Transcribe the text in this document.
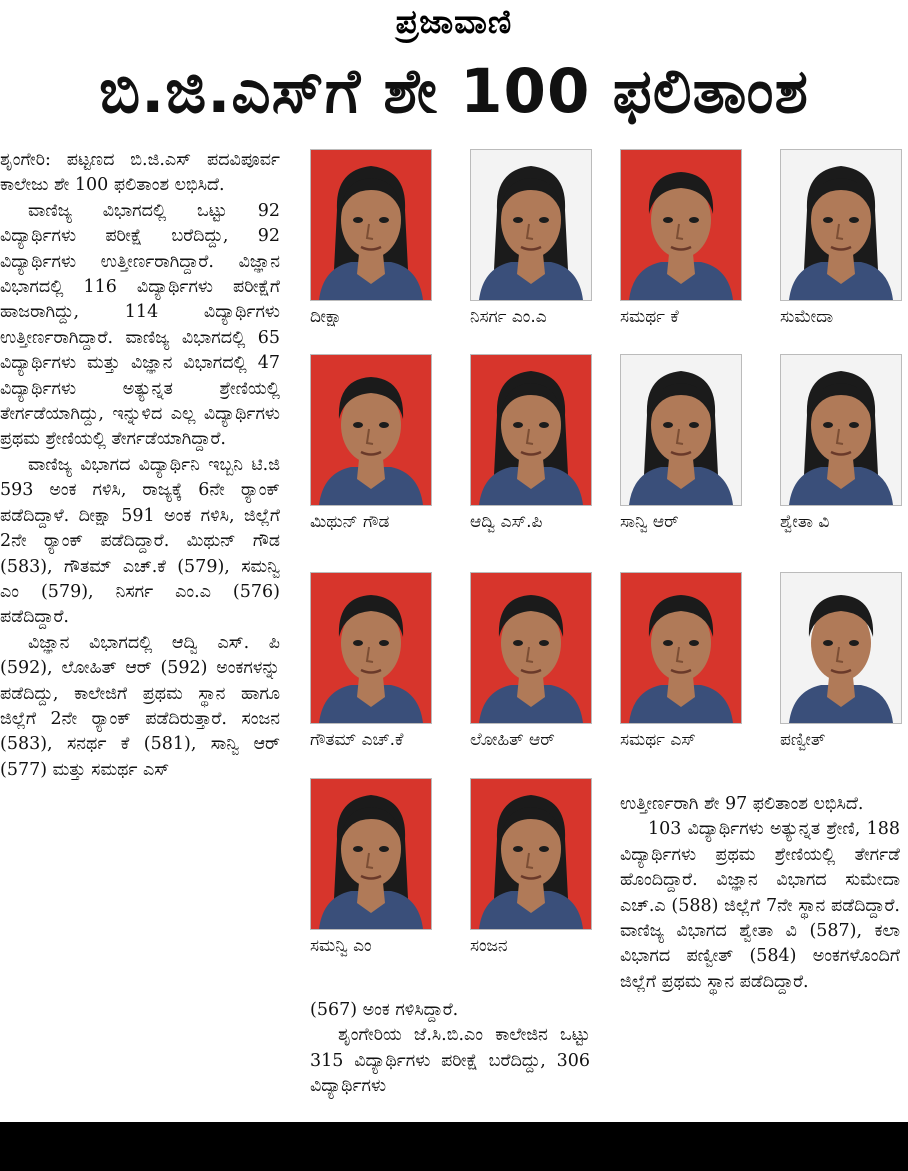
ಪ್ರಜಾವಾಣಿ
ಬಿ.ಜಿ.ಎಸ್‌ಗೆ ಶೇ 100 ಫಲಿತಾಂಶ

ಶೃಂಗೇರಿ: ಪಟ್ಟಣದ ಬಿ.ಜಿ.ಎಸ್ ಪದವಿಪೂರ್ವ ಕಾಲೇಜು ಶೇ 100 ಫಲಿತಾಂಶ ಲಭಿಸಿದೆ.

ವಾಣಿಜ್ಯ ವಿಭಾಗದಲ್ಲಿ ಒಟ್ಟು 92 ವಿದ್ಯಾರ್ಥಿಗಳು ಪರೀಕ್ಷೆ ಬರೆದಿದ್ದು, 92 ವಿದ್ಯಾರ್ಥಿಗಳು ಉತ್ತೀರ್ಣರಾಗಿದ್ದಾರೆ. ವಿಜ್ಞಾನ ವಿಭಾಗದಲ್ಲಿ 116 ವಿದ್ಯಾರ್ಥಿಗಳು ಪರೀಕ್ಷೆಗೆ ಹಾಜರಾಗಿದ್ದು, 114 ವಿದ್ಯಾರ್ಥಿಗಳು ಉತ್ತೀರ್ಣರಾಗಿದ್ದಾರೆ. ವಾಣಿಜ್ಯ ವಿಭಾಗದಲ್ಲಿ 65 ವಿದ್ಯಾರ್ಥಿಗಳು ಮತ್ತು ವಿಜ್ಞಾನ ವಿಭಾಗದಲ್ಲಿ 47 ವಿದ್ಯಾರ್ಥಿಗಳು ಅತ್ಯುನ್ನತ ಶ್ರೇಣಿಯಲ್ಲಿ ತೇರ್ಗಡೆಯಾಗಿದ್ದು, ಇನ್ನುಳಿದ ಎಲ್ಲ ವಿದ್ಯಾರ್ಥಿಗಳು ಪ್ರಥಮ ಶ್ರೇಣಿಯಲ್ಲಿ ತೇರ್ಗಡೆಯಾಗಿದ್ದಾರೆ.

ವಾಣಿಜ್ಯ ವಿಭಾಗದ ವಿದ್ಯಾರ್ಥಿನಿ ಇಬ್ಬನಿ ಟಿ.ಜಿ 593 ಅಂಕ ಗಳಿಸಿ, ರಾಜ್ಯಕ್ಕೆ 6ನೇ ರ್‍ಯಾಂಕ್ ಪಡೆದಿದ್ದಾಳೆ. ದೀಕ್ಷಾ 591 ಅಂಕ ಗಳಿಸಿ, ಜಿಲ್ಲೆಗೆ 2ನೇ ರ್‍ಯಾಂಕ್ ಪಡೆದಿದ್ದಾರೆ. ಮಿಥುನ್ ಗೌಡ (583), ಗೌತಮ್ ಎಚ್.ಕೆ (579), ಸಮನ್ವಿ ಎಂ (579), ನಿಸರ್ಗ ಎಂ.ಎ (576) ಪಡೆದಿದ್ದಾರೆ.

ವಿಜ್ಞಾನ ವಿಭಾಗದಲ್ಲಿ ಆದ್ವಿ ಎಸ್. ಪಿ (592), ಲೋಹಿತ್ ಆರ್ (592) ಅಂಕಗಳನ್ನು ಪಡೆದಿದ್ದು, ಕಾಲೇಜಿಗೆ ಪ್ರಥಮ ಸ್ಥಾನ ಹಾಗೂ ಜಿಲ್ಲೆಗೆ 2ನೇ ರ್‍ಯಾಂಕ್ ಪಡೆದಿರುತ್ತಾರೆ. ಸಂಜನ (583), ಸನರ್ಥ ಕೆ (581), ಸಾನ್ವಿ ಆರ್ (577) ಮತ್ತು ಸಮರ್ಥ ಎಸ್

(567) ಅಂಕ ಗಳಿಸಿದ್ದಾರೆ.

ಶೃಂಗೇರಿಯ ಜೆ.ಸಿ.ಬಿ.ಎಂ ಕಾಲೇಜಿನ ಒಟ್ಟು 315 ವಿದ್ಯಾರ್ಥಿಗಳು ಪರೀಕ್ಷೆ ಬರೆದಿದ್ದು, 306 ವಿದ್ಯಾರ್ಥಿಗಳು

ಉತ್ತೀರ್ಣರಾಗಿ ಶೇ 97 ಫಲಿತಾಂಶ ಲಭಿಸಿದೆ.

103 ವಿದ್ಯಾರ್ಥಿಗಳು ಅತ್ಯುನ್ನತ ಶ್ರೇಣಿ, 188 ವಿದ್ಯಾರ್ಥಿಗಳು ಪ್ರಥಮ ಶ್ರೇಣಿಯಲ್ಲಿ ತೇರ್ಗಡೆ ಹೊಂದಿದ್ದಾರೆ. ವಿಜ್ಞಾನ ವಿಭಾಗದ ಸುಮೇದಾ ಎಚ್.ಎ (588) ಜಿಲ್ಲೆಗೆ 7ನೇ ಸ್ಥಾನ ಪಡೆದಿದ್ದಾರೆ. ವಾಣಿಜ್ಯ ವಿಭಾಗದ ಶ್ವೇತಾ ವಿ (587), ಕಲಾ ವಿಭಾಗದ ಪಣ್ವೀತ್ (584) ಅಂಕಗಳೊಂದಿಗೆ ಜಿಲ್ಲೆಗೆ ಪ್ರಥಮ ಸ್ಥಾನ ಪಡೆದಿದ್ದಾರೆ.

ದೀಕ್ಷಾ	ನಿಸರ್ಗ ಎಂ.ಎ	ಸಮರ್ಥ ಕೆ	ಸುಮೇದಾ
ಮಿಥುನ್ ಗೌಡ	ಆದ್ವಿ ಎಸ್.ಪಿ	ಸಾನ್ವಿ ಆರ್	ಶ್ವೇತಾ ವಿ
ಗೌತಮ್ ಎಚ್.ಕೆ	ಲೋಹಿತ್ ಆರ್	ಸಮರ್ಥ ಎಸ್	ಪಣ್ವೀತ್
ಸಮನ್ವಿ ಎಂ	ಸಂಜನ
